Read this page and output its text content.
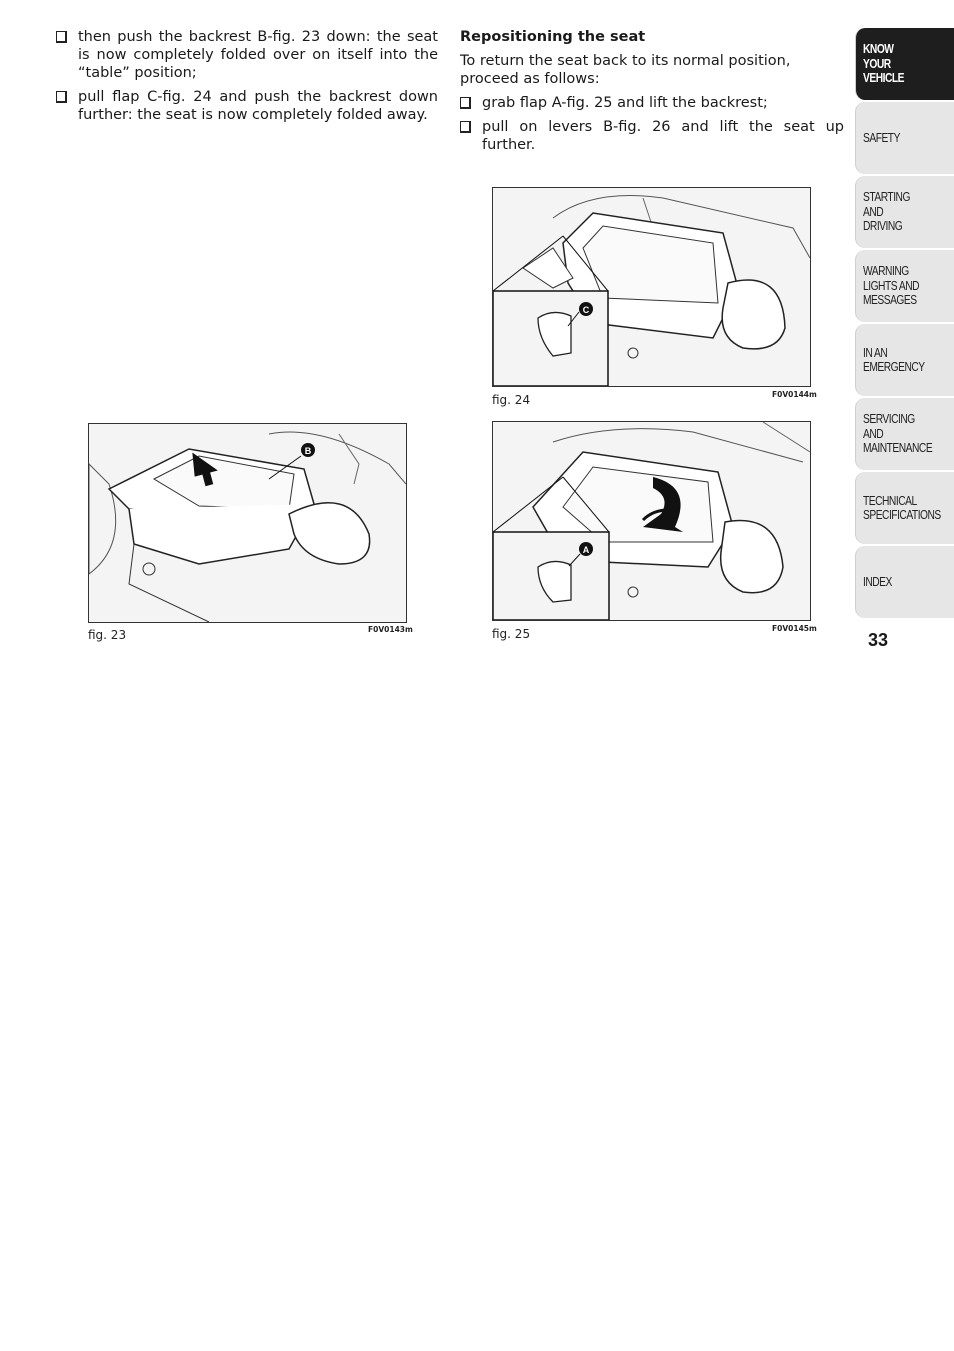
then push the backrest B-fig. 23 down: the seat is now completely folded over on itself into the “table” position;
pull flap C-fig. 24 and push the backrest down further: the seat is now completely folded away.
Repositioning the seat
To return the seat back to its normal position, proceed as follows:
grab flap A-fig. 25 and lift the backrest;
pull on levers B-fig. 26 and lift the seat up further.
B
fig. 23	F0V0143m
C
fig. 24	F0V0144m
A
fig. 25	F0V0145m
KNOW
YOUR
VEHICLE
SAFETY
STARTING
AND
DRIVING
WARNING
LIGHTS AND
MESSAGES
IN AN
EMERGENCY
SERVICING
AND
MAINTENANCE
TECHNICAL
SPECIFICATIONS
INDEX
33
